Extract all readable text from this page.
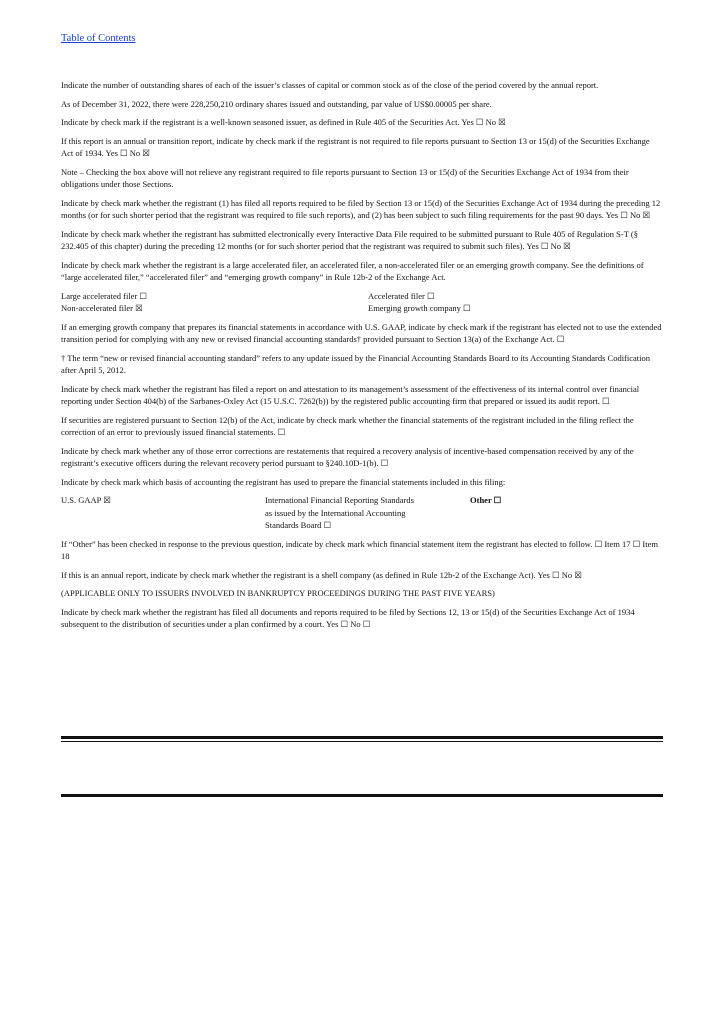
Table of Contents

Indicate the number of outstanding shares of each of the issuer’s classes of capital or common stock as of the close of the period covered by the annual report.

As of December 31, 2022, there were 228,250,210 ordinary shares issued and outstanding, par value of US$0.00005 per share.

Indicate by check mark if the registrant is a well-known seasoned issuer, as defined in Rule 405 of the Securities Act. Yes ☐ No ☒

If this report is an annual or transition report, indicate by check mark if the registrant is not required to file reports pursuant to Section 13 or 15(d) of the Securities Exchange Act of 1934. Yes ☐ No ☒

Note – Checking the box above will not relieve any registrant required to file reports pursuant to Section 13 or 15(d) of the Securities Exchange Act of 1934 from their obligations under those Sections.

Indicate by check mark whether the registrant (1) has filed all reports required to be filed by Section 13 or 15(d) of the Securities Exchange Act of 1934 during the preceding 12 months (or for such shorter period that the registrant was required to file such reports), and (2) has been subject to such filing requirements for the past 90 days. Yes ☐ No ☒

Indicate by check mark whether the registrant has submitted electronically every Interactive Data File required to be submitted pursuant to Rule 405 of Regulation S-T (§ 232.405 of this chapter) during the preceding 12 months (or for such shorter period that the registrant was required to submit such files). Yes ☐ No ☒

Indicate by check mark whether the registrant is a large accelerated filer, an accelerated filer, a non-accelerated filer or an emerging growth company. See the definitions of “large accelerated filer,” “accelerated filer” and “emerging growth company” in Rule 12b-2 of the Exchange Act.

Large accelerated filer ☐
Non-accelerated filer ☒
Accelerated filer ☐
Emerging growth company ☐

If an emerging growth company that prepares its financial statements in accordance with U.S. GAAP, indicate by check mark if the registrant has elected not to use the extended transition period for complying with any new or revised financial accounting standards† provided pursuant to Section 13(a) of the Exchange Act. ☐

† The term “new or revised financial accounting standard” refers to any update issued by the Financial Accounting Standards Board to its Accounting Standards Codification after April 5, 2012.

Indicate by check mark whether the registrant has filed a report on and attestation to its management’s assessment of the effectiveness of its internal control over financial reporting under Section 404(b) of the Sarbanes-Oxley Act (15 U.S.C. 7262(b)) by the registered public accounting firm that prepared or issued its audit report. ☐

If securities are registered pursuant to Section 12(b) of the Act, indicate by check mark whether the financial statements of the registrant included in the filing reflect the correction of an error to previously issued financial statements. ☐

Indicate by check mark whether any of those error corrections are restatements that required a recovery analysis of incentive-based compensation received by any of the registrant’s executive officers during the relevant recovery period pursuant to §240.10D-1(b). ☐

Indicate by check mark which basis of accounting the registrant has used to prepare the financial statements included in this filing:

U.S. GAAP ☒	International Financial Reporting Standards
as issued by the International Accounting
Standards Board ☐
Other ☐

If “Other” has been checked in response to the previous question, indicate by check mark which financial statement item the registrant has elected to follow. ☐ Item 17 ☐ Item 18

If this is an annual report, indicate by check mark whether the registrant is a shell company (as defined in Rule 12b-2 of the Exchange Act). Yes ☐ No ☒

(APPLICABLE ONLY TO ISSUERS INVOLVED IN BANKRUPTCY PROCEEDINGS DURING THE PAST FIVE YEARS)

Indicate by check mark whether the registrant has filed all documents and reports required to be filed by Sections 12, 13 or 15(d) of the Securities Exchange Act of 1934 subsequent to the distribution of securities under a plan confirmed by a court. Yes ☐ No ☐
